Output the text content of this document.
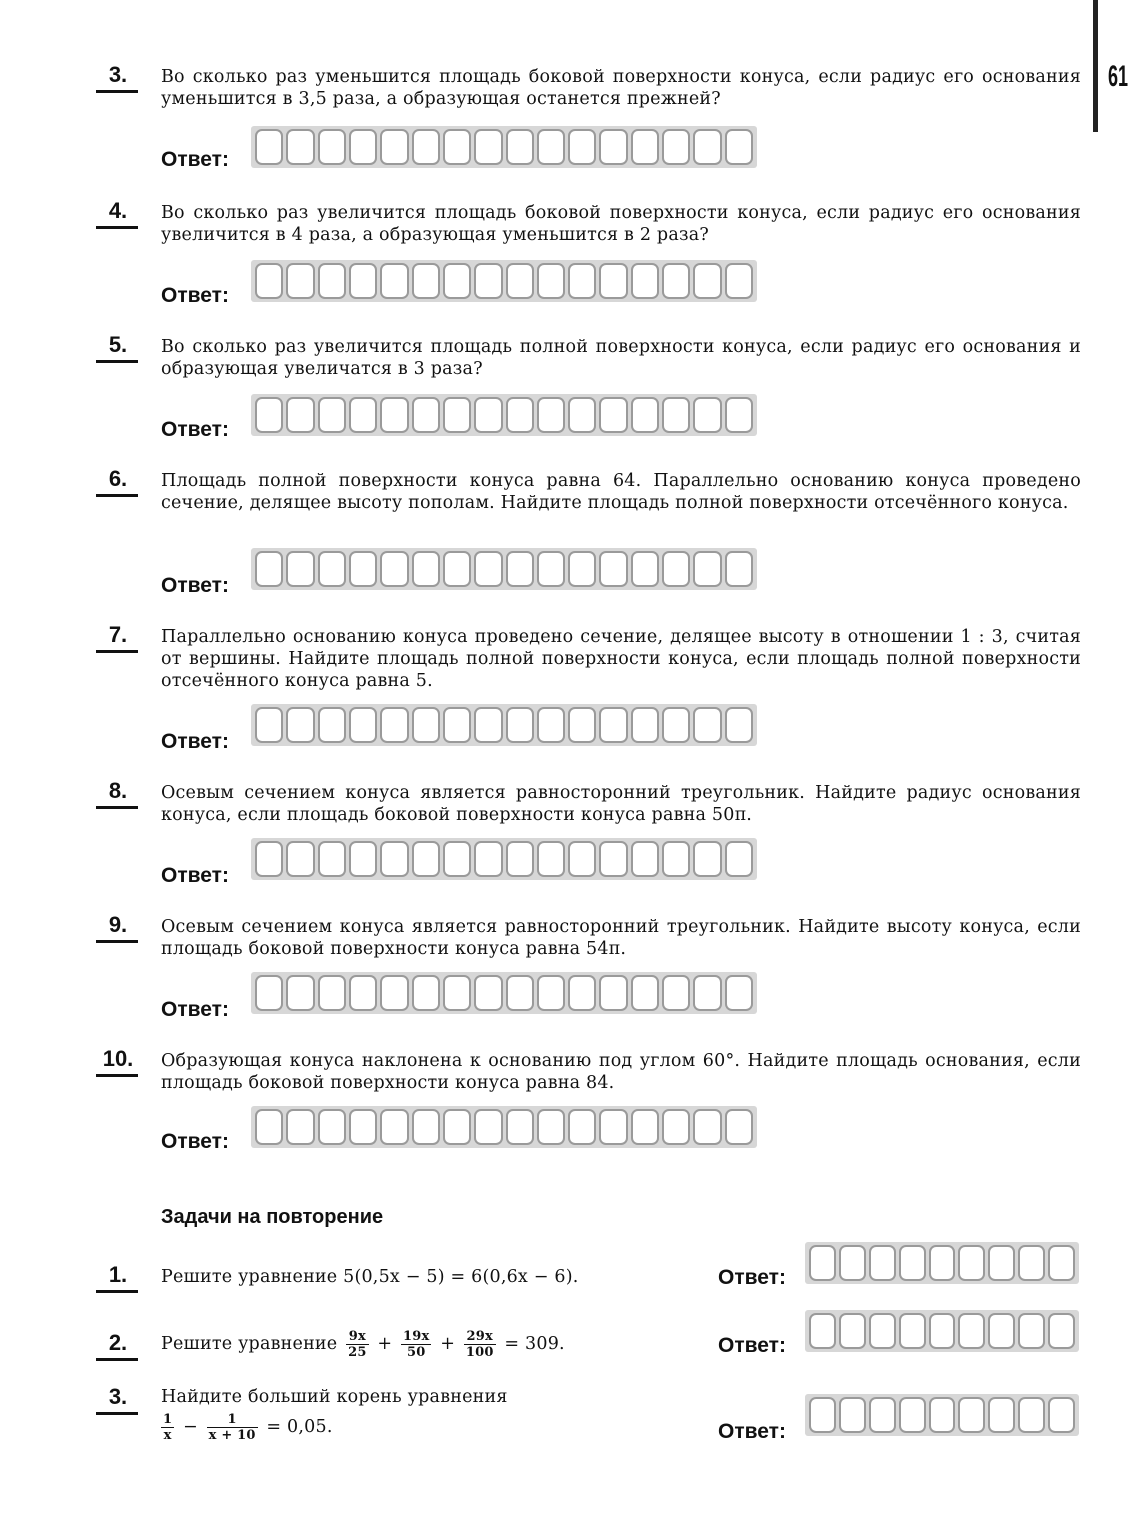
61
3.	Во сколько раз уменьшится площадь боковой поверхности конуса, если радиус его основания уменьшится в 3,5 раза, а образующая останется прежней?
Ответ:
4.	Во сколько раз увеличится площадь боковой поверхности конуса, если радиус его основания увеличится в 4 раза, а образующая уменьшится в 2 раза?
Ответ:
5.	Во сколько раз увеличится площадь полной поверхности конуса, если радиус его основания и образующая увеличатся в 3 раза?
Ответ:
6.	Площадь полной поверхности конуса равна 64. Параллельно основанию конуса проведено сечение, делящее высоту пополам. Найдите площадь полной поверхности отсечённого конуса.
Ответ:
7.	Параллельно основанию конуса проведено сечение, делящее высоту в отношении 1 : 3, считая от вершины. Найдите площадь полной поверхности конуса, если площадь полной поверхности отсечённого конуса равна 5.
Ответ:
8.	Осевым сечением конуса является равносторонний треугольник. Найдите радиус основания конуса, если площадь боковой поверхности конуса равна 50π.
Ответ:
9.	Осевым сечением конуса является равносторонний треугольник. Найдите высоту конуса, если площадь боковой поверхности конуса равна 54π.
Ответ:
10.	Образующая конуса наклонена к основанию под углом 60°. Найдите площадь основания, если площадь боковой поверхности конуса равна 84.
Ответ:
Задачи на повторение
1.	Решите уравнение 5(0,5x − 5) = 6(0,6x − 6).	Ответ:
2.	Решите уравнение $\frac{9x}{25} + \frac{19x}{50} + \frac{29x}{100} = 309$.	Ответ:
3.	Найдите больший корень уравнения
$\frac{1}{x} - \frac{1}{x + 10} = 0,05$.	Ответ:
